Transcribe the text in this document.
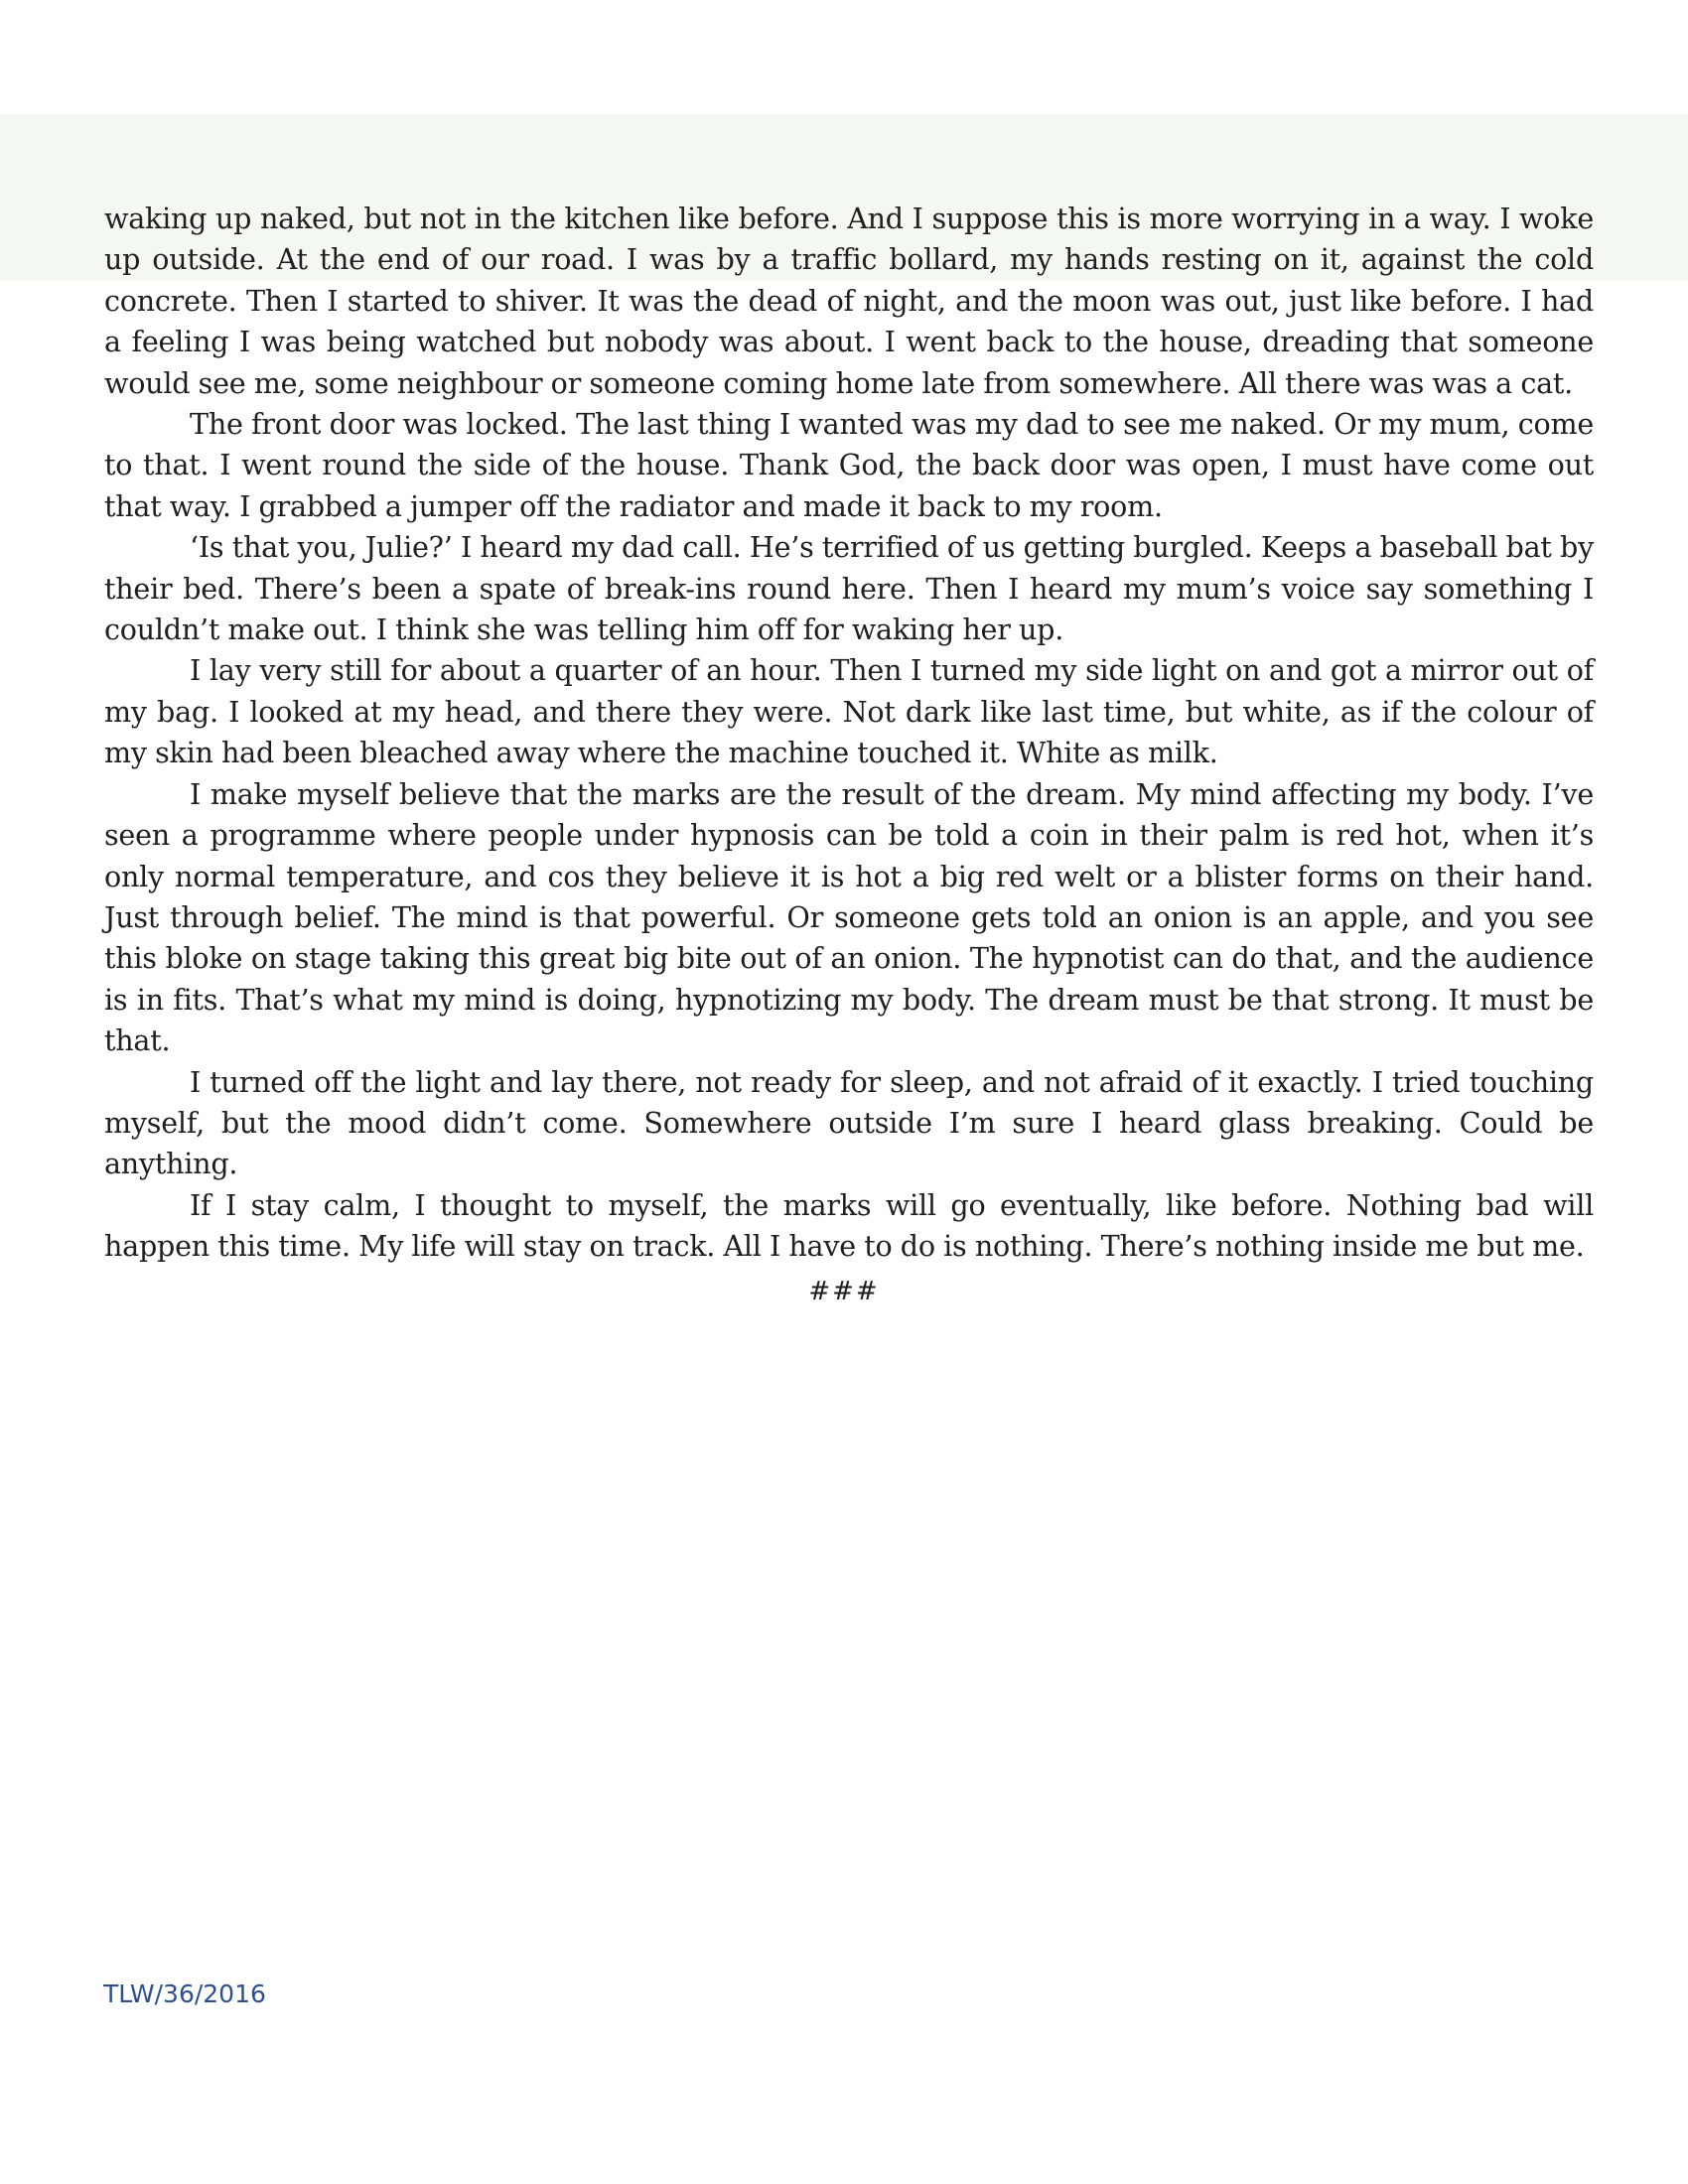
waking up naked, but not in the kitchen like before. And I suppose this is more worrying in a way. I woke up outside. At the end of our road. I was by a traffic bollard, my hands resting on it, against the cold concrete. Then I started to shiver. It was the dead of night, and the moon was out, just like before. I had a feeling I was being watched but nobody was about. I went back to the house, dreading that someone would see me, some neighbour or someone coming home late from somewhere. All there was was a cat.

The front door was locked. The last thing I wanted was my dad to see me naked. Or my mum, come to that. I went round the side of the house. Thank God, the back door was open, I must have come out that way. I grabbed a jumper off the radiator and made it back to my room.

‘Is that you, Julie?’ I heard my dad call. He’s terrified of us getting burgled. Keeps a baseball bat by their bed. There’s been a spate of break-ins round here. Then I heard my mum’s voice say something I couldn’t make out. I think she was telling him off for waking her up.

I lay very still for about a quarter of an hour. Then I turned my side light on and got a mirror out of my bag. I looked at my head, and there they were. Not dark like last time, but white, as if the colour of my skin had been bleached away where the machine touched it. White as milk.

I make myself believe that the marks are the result of the dream. My mind affecting my body. I’ve seen a programme where people under hypnosis can be told a coin in their palm is red hot, when it’s only normal temperature, and cos they believe it is hot a big red welt or a blister forms on their hand. Just through belief. The mind is that powerful. Or someone gets told an onion is an apple, and you see this bloke on stage taking this great big bite out of an onion. The hypnotist can do that, and the audience is in fits. That’s what my mind is doing, hypnotizing my body. The dream must be that strong. It must be that.

I turned off the light and lay there, not ready for sleep, and not afraid of it exactly. I tried touching myself, but the mood didn’t come. Somewhere outside I’m sure I heard glass breaking. Could be anything.

If I stay calm, I thought to myself, the marks will go eventually, like before. Nothing bad will happen this time. My life will stay on track. All I have to do is nothing. There’s nothing inside me but me.

###
TLW/36/2016
